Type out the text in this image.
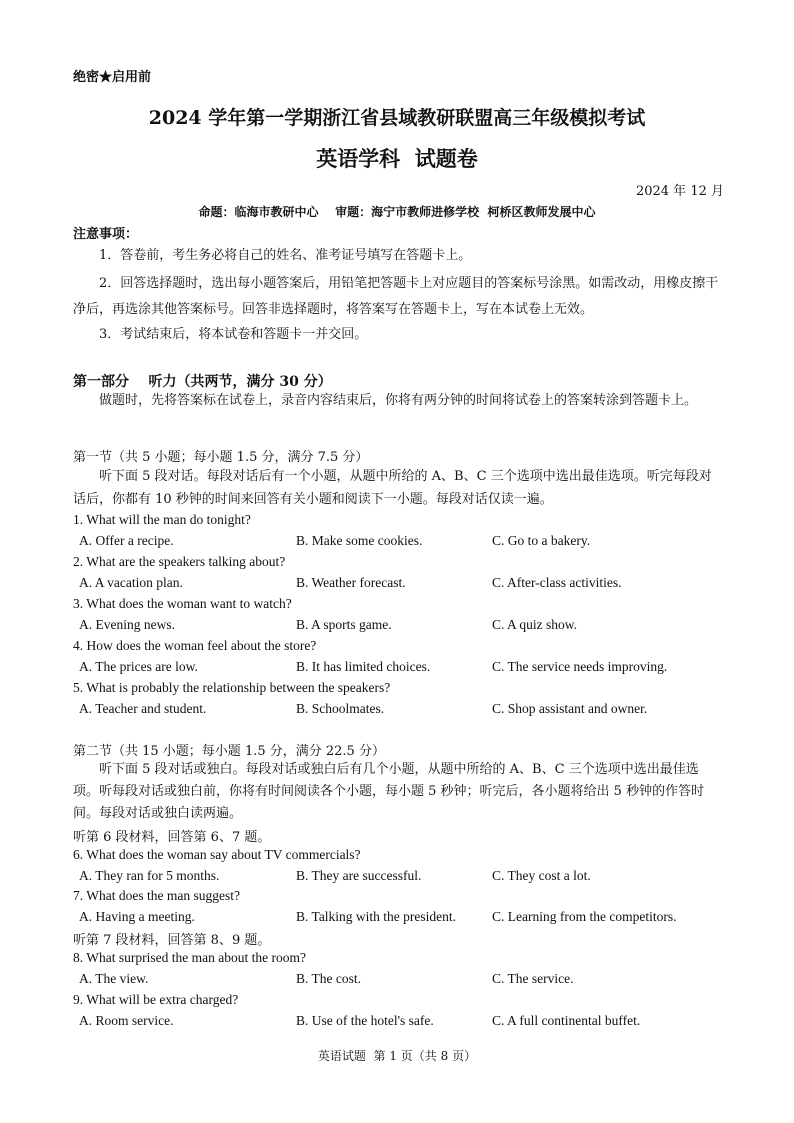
绝密★启用前
2024 学年第一学期浙江省县域教研联盟高三年级模拟考试
英语学科  试题卷
2024 年 12 月
命题：临海市教研中心    审题：海宁市教师进修学校  柯桥区教师发展中心
注意事项：
1．答卷前，考生务必将自己的姓名、准考证号填写在答题卡上。
2．回答选择题时，选出每小题答案后，用铅笔把答题卡上对应题目的答案标号涂黑。如需改动，用橡皮擦干净后，再选涂其他答案标号。回答非选择题时，将答案写在答题卡上，写在本试卷上无效。
3．考试结束后，将本试卷和答题卡一并交回。
第一部分    听力（共两节，满分 30 分）
做题时，先将答案标在试卷上，录音内容结束后，你将有两分钟的时间将试卷上的答案转涂到答题卡上。
第一节（共 5 小题；每小题 1.5 分，满分 7.5 分）
听下面 5 段对话。每段对话后有一个小题，从题中所给的 A、B、C 三个选项中选出最佳选项。听完每段对话后，你都有 10 秒钟的时间来回答有关小题和阅读下一小题。每段对话仅读一遍。
1. What will the man do tonight?
A. Offer a recipe.	B. Make some cookies.	C. Go to a bakery.
2. What are the speakers talking about?
A. A vacation plan.	B. Weather forecast.	C. After-class activities.
3. What does the woman want to watch?
A. Evening news.	B. A sports game.	C. A quiz show.
4. How does the woman feel about the store?
A. The prices are low.	B. It has limited choices.	C. The service needs improving.
5. What is probably the relationship between the speakers?
A. Teacher and student.	B. Schoolmates.	C. Shop assistant and owner.
第二节（共 15 小题；每小题 1.5 分，满分 22.5 分）
听下面 5 段对话或独白。每段对话或独白后有几个小题，从题中所给的 A、B、C 三个选项中选出最佳选项。听每段对话或独白前，你将有时间阅读各个小题，每小题 5 秒钟；听完后，各小题将给出 5 秒钟的作答时间。每段对话或独白读两遍。
听第 6 段材料，回答第 6、7 题。
6. What does the woman say about TV commercials?
A. They ran for 5 months.	B. They are successful.	C. They cost a lot.
7. What does the man suggest?
A. Having a meeting.	B. Talking with the president.	C. Learning from the competitors.
听第 7 段材料，回答第 8、9 题。
8. What surprised the man about the room?
A. The view.	B. The cost.	C. The service.
9. What will be extra charged?
A. Room service.	B. Use of the hotel's safe.	C. A full continental buffet.
英语试题  第 1 页（共 8 页）
